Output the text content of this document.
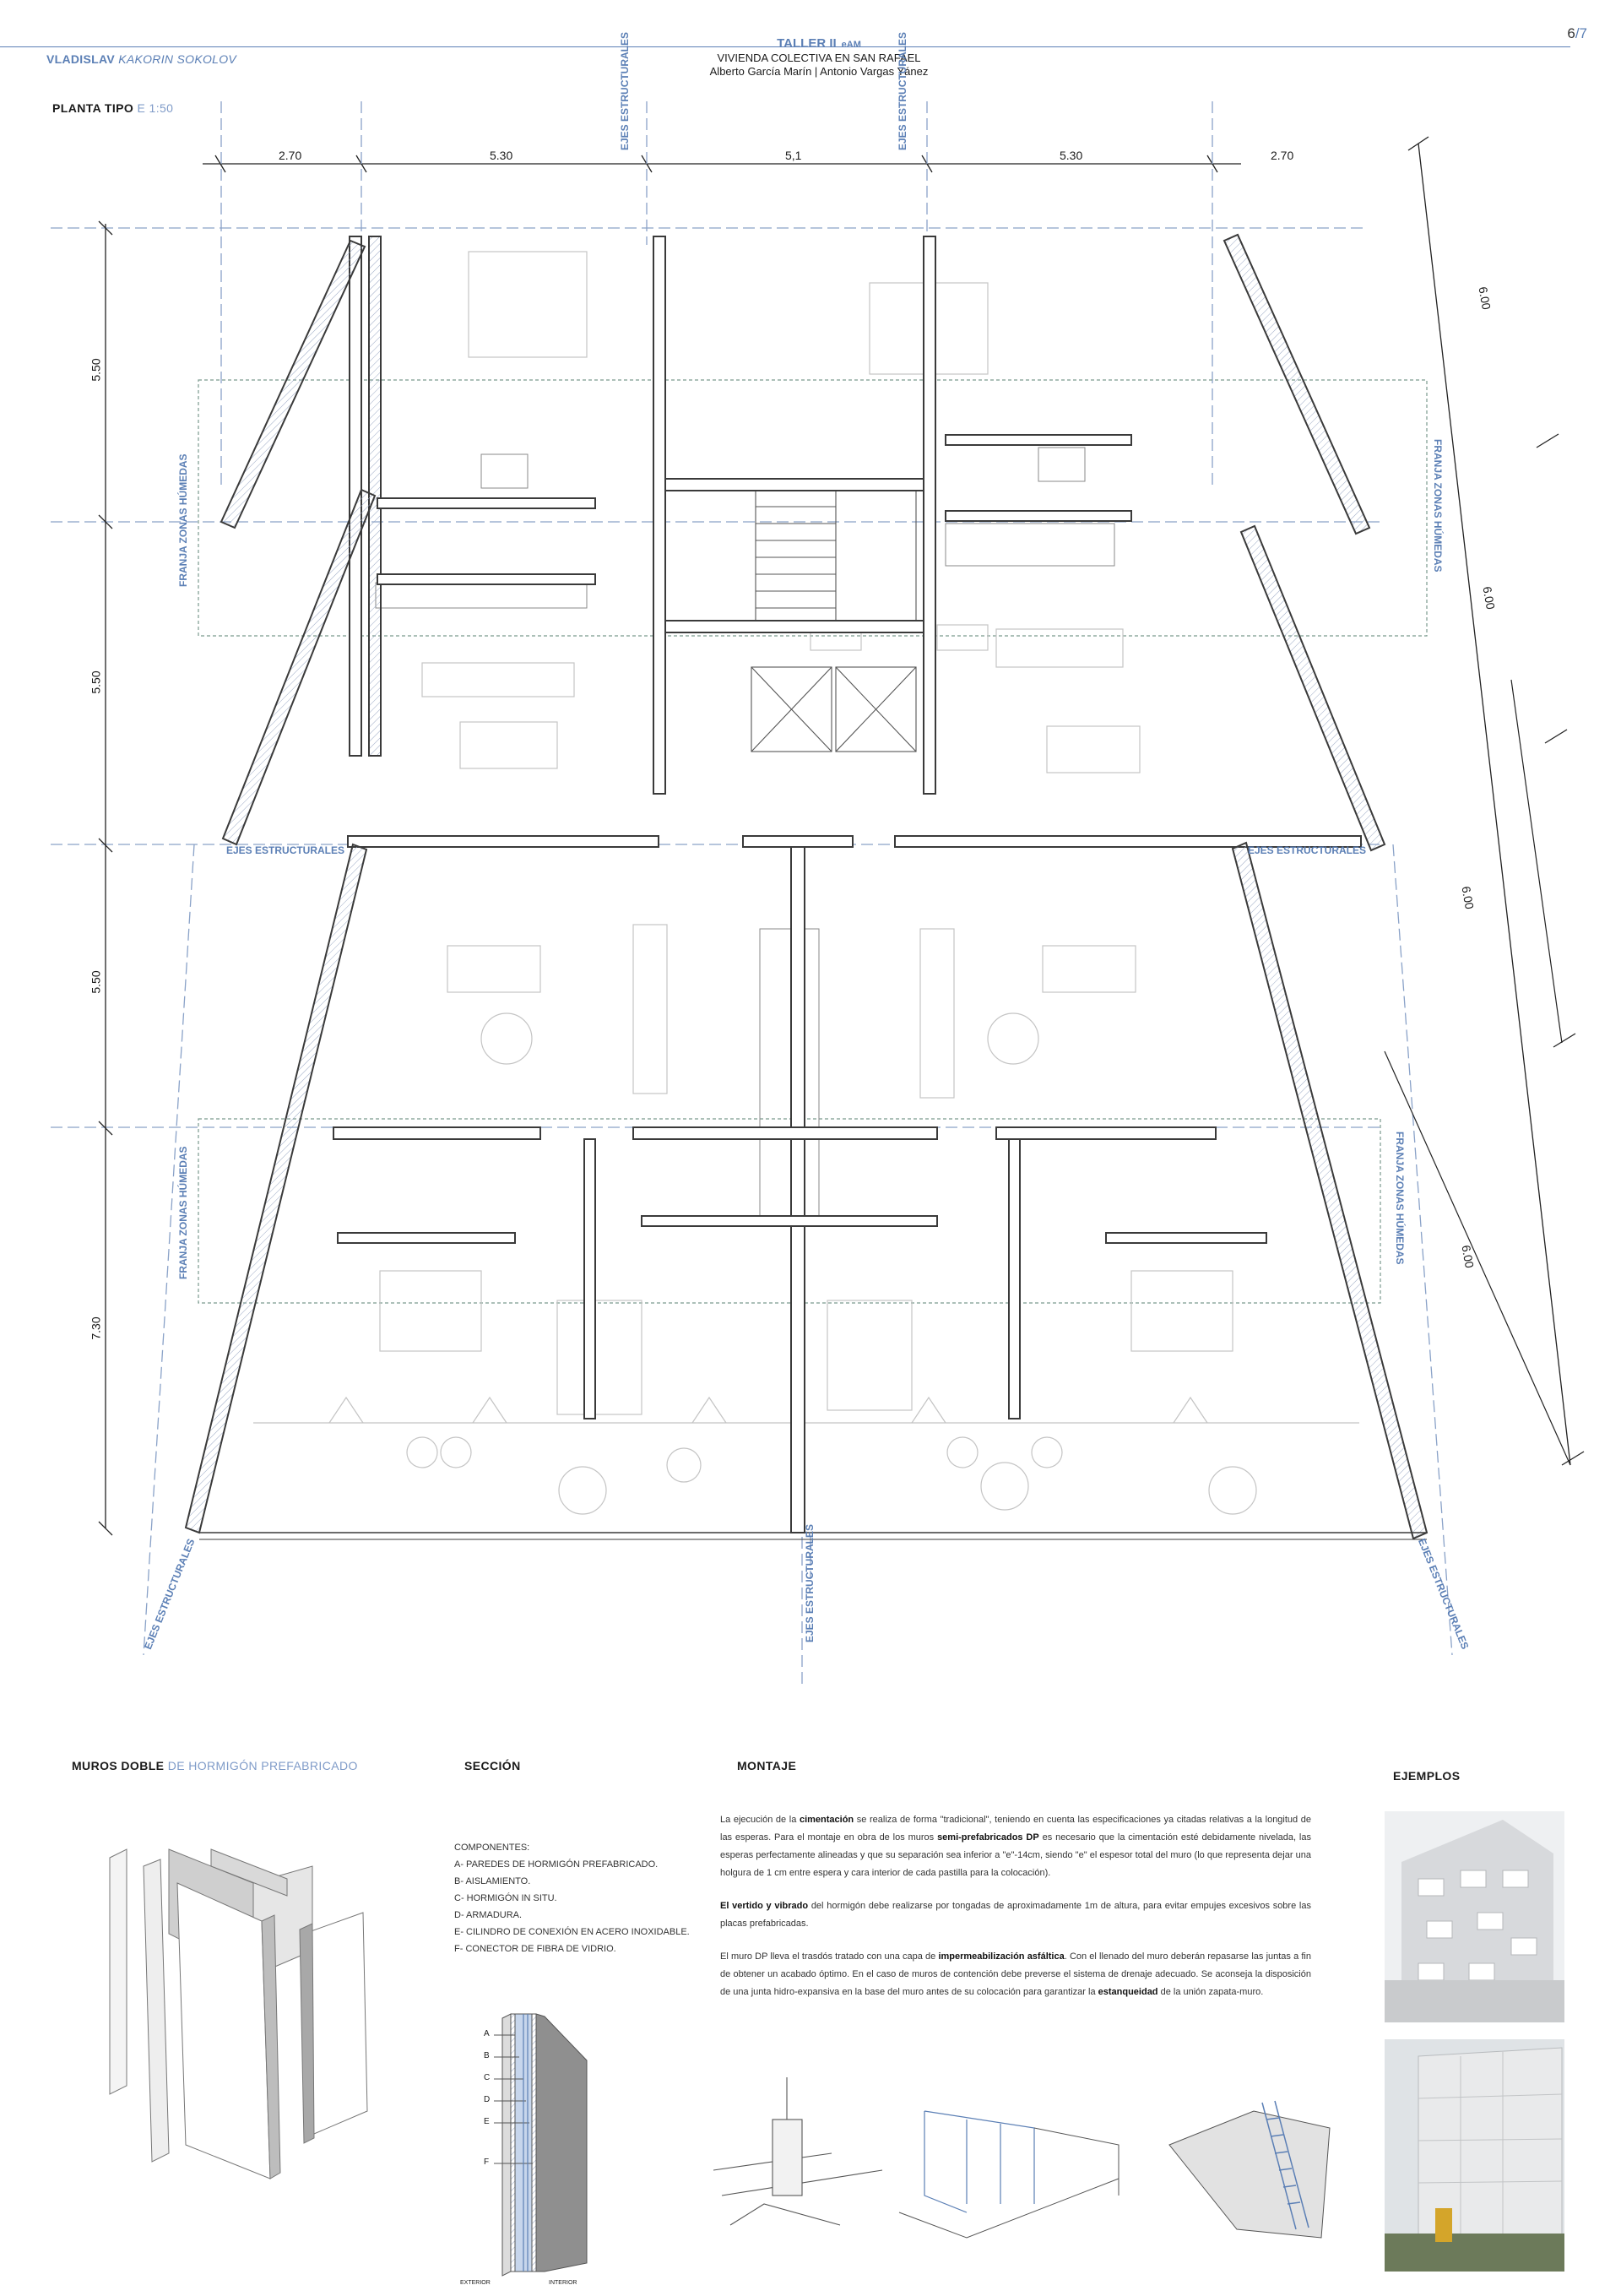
VLADISLAV KAKORIN SOKOLOV
TALLER II eAM
VIVIENDA COLECTIVA EN SAN RAFAEL
Alberto García Marín | Antonio Vargas Yánez
6/7
PLANTA TIPO E 1:50
2.70	5.30	5,1	5.30	2.70
5.50
5.50
5.50
7.30
6.00
6.00
6.00
6.00
EJES ESTRUCTURALES	EJES ESTRUCTURALES
EJES ESTRUCTURALES	EJES ESTRUCTURALES
EJES ESTRUCTURALES
EJES ESTRUCTURALES	EJES ESTRUCTURALES
FRANJA ZONAS HÚMEDAS	FRANJA ZONAS HÚMEDAS
FRANJA ZONAS HÚMEDAS	FRANJA ZONAS HÚMEDAS
MUROS DOBLE DE HORMIGÓN PREFABRICADO	SECCIÓN	MONTAJE
EJEMPLOS
COMPONENTES:
A- PAREDES DE HORMIGÓN PREFABRICADO.
B- AISLAMIENTO.
C- HORMIGÓN IN SITU.
D- ARMADURA.
E- CILINDRO DE CONEXIÓN EN ACERO INOXIDABLE.
F- CONECTOR DE FIBRA DE VIDRIO.
A
B
C
D
E
F
EXTERIOR	INTERIOR

La ejecución de la cimentación se realiza de forma "tradicional", teniendo en cuenta las especificaciones ya citadas relativas a la longitud de las esperas. Para el montaje en obra de los muros semi-prefabricados DP es necesario que la cimentación esté debidamente nivelada, las esperas perfectamente alineadas y que su separación sea inferior a "e"-14cm, siendo "e" el espesor total del muro (lo que representa dejar una holgura de 1 cm entre espera y cara interior de cada pastilla para la colocación).

El vertido y vibrado del hormigón debe realizarse por tongadas de aproximadamente 1m de altura, para evitar empujes excesivos sobre las placas prefabricadas.

El muro DP lleva el trasdós tratado con una capa de impermeabilización asfáltica. Con el llenado del muro deberán repasarse las juntas a fin de obtener un acabado óptimo. En el caso de muros de contención debe preverse el sistema de drenaje adecuado. Se aconseja la disposición de una junta hidro-expansiva en la base del muro antes de su colocación para garantizar la estanqueidad de la unión zapata-muro.
